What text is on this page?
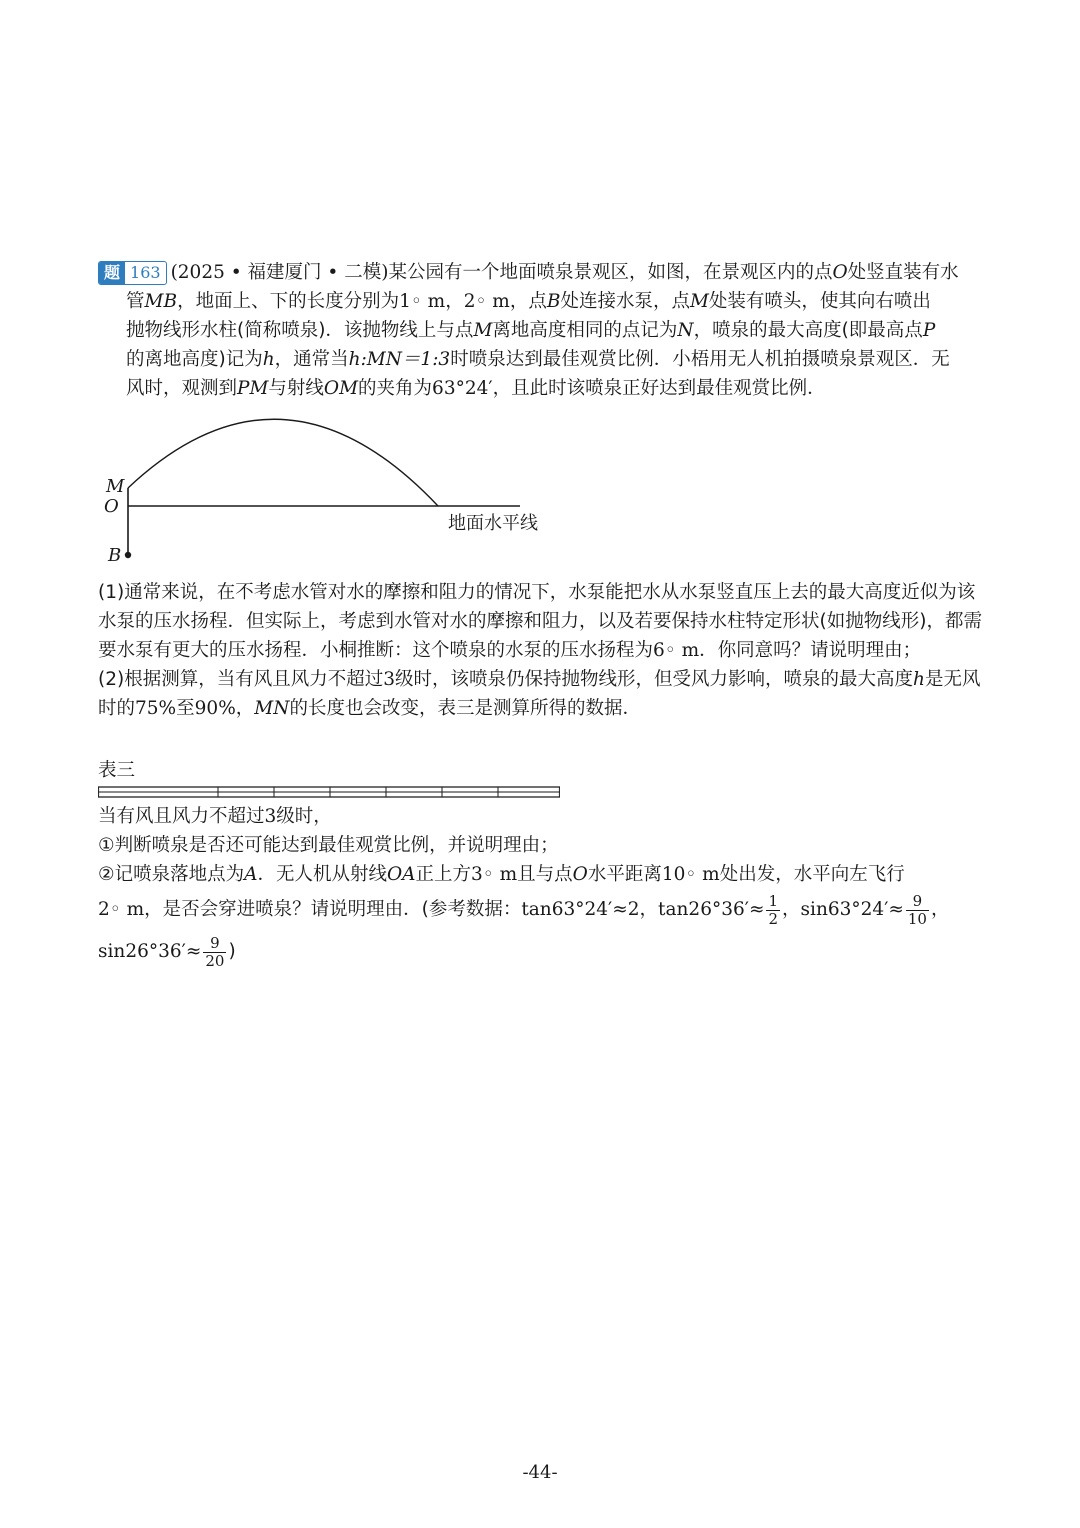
题 163 (2025 • 福建厦门 • 二模)某公园有一个地面喷泉景观区，如图，在景观区内的点O处竖直装有水

管MB，地面上、下的长度分别为1◦ m，2◦ m，点B处连接水泵，点M处装有喷头，使其向右喷出

抛物线形水柱(简称喷泉)．该抛物线上与点M离地高度相同的点记为N，喷泉的最大高度(即最高点P

的离地高度)记为h，通常当h:MN＝1:3时喷泉达到最佳观赏比例．小梧用无人机拍摄喷泉景观区．无

风时，观测到PM与射线OM的夹角为63°24′，且此时该喷泉正好达到最佳观赏比例．

M
O
B
地面水平线

(1)通常来说，在不考虑水管对水的摩擦和阻力的情况下，水泵能把水从水泵竖直压上去的最大高度近似为该水泵的压水扬程．但实际上，考虑到水管对水的摩擦和阻力，以及若要保持水柱特定形状(如抛物线形)，都需要水泵有更大的压水扬程．小桐推断：这个喷泉的水泵的压水扬程为6◦ m．你同意吗？请说明理由；

(2)根据测算，当有风且风力不超过3级时，该喷泉仍保持抛物线形，但受风力影响，喷泉的最大高度h是无风时的75%至90%，MN的长度也会改变，表三是测算所得的数据．

表三

当有风且风力不超过3级时，

①判断喷泉是否还可能达到最佳观赏比例，并说明理由；

②记喷泉落地点为A．无人机从射线OA正上方3◦ m且与点O水平距离10◦ m处出发，水平向左飞行

2◦ m，是否会穿进喷泉？请说明理由．(参考数据：tan63°24′≈2，$\tan 26^\circ 36'\approx \frac{1}{2}$ ，$\sin 63^\circ 24'\approx \frac{9}{10}$ ，

$\sin 26^\circ 36'\approx \frac{9}{20}$ )

-44-
